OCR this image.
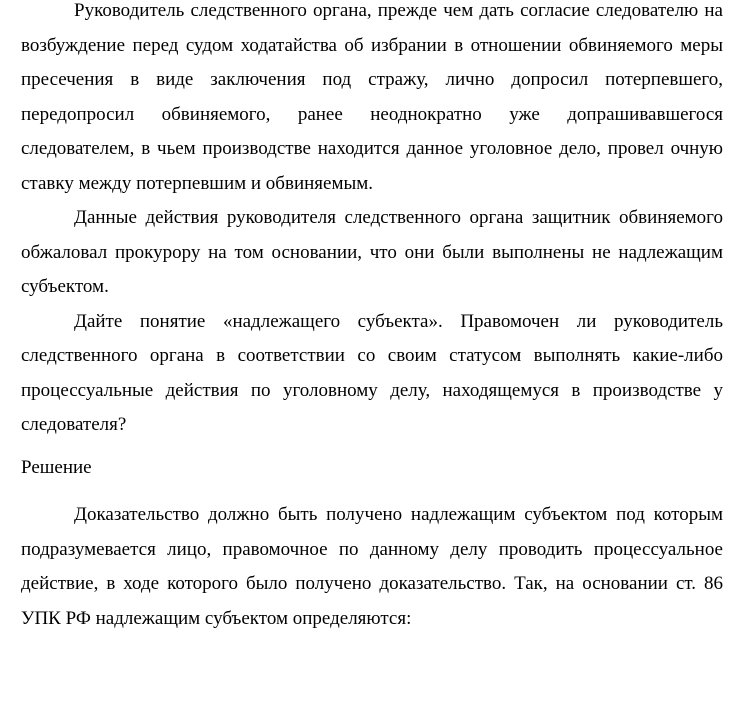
Руководитель следственного органа, прежде чем дать согласие следователю на возбуждение перед судом ходатайства об избрании в отношении обвиняемого меры пресечения в виде заключения под стражу, лично допросил потерпевшего, передопросил обвиняемого, ранее неоднократно уже допрашивавшегося следователем, в чьем производстве находится данное уголовное дело, провел очную ставку между потерпевшим и обвиняемым.

Данные действия руководителя следственного органа защитник обвиняемого обжаловал прокурору на том основании, что они были выполнены не надлежащим субъектом.

Дайте понятие «надлежащего субъекта». Правомочен ли руководитель следственного органа в соответствии со своим статусом выполнять какие-либо процессуальные действия по уголовному делу, находящемуся в производстве у следователя?

Решение

Доказательство должно быть получено надлежащим субъектом под которым подразумевается лицо, правомочное по данному делу проводить процессуальное действие, в ходе которого было получено доказательство. Так, на основании ст. 86 УПК РФ надлежащим субъектом определяются:
